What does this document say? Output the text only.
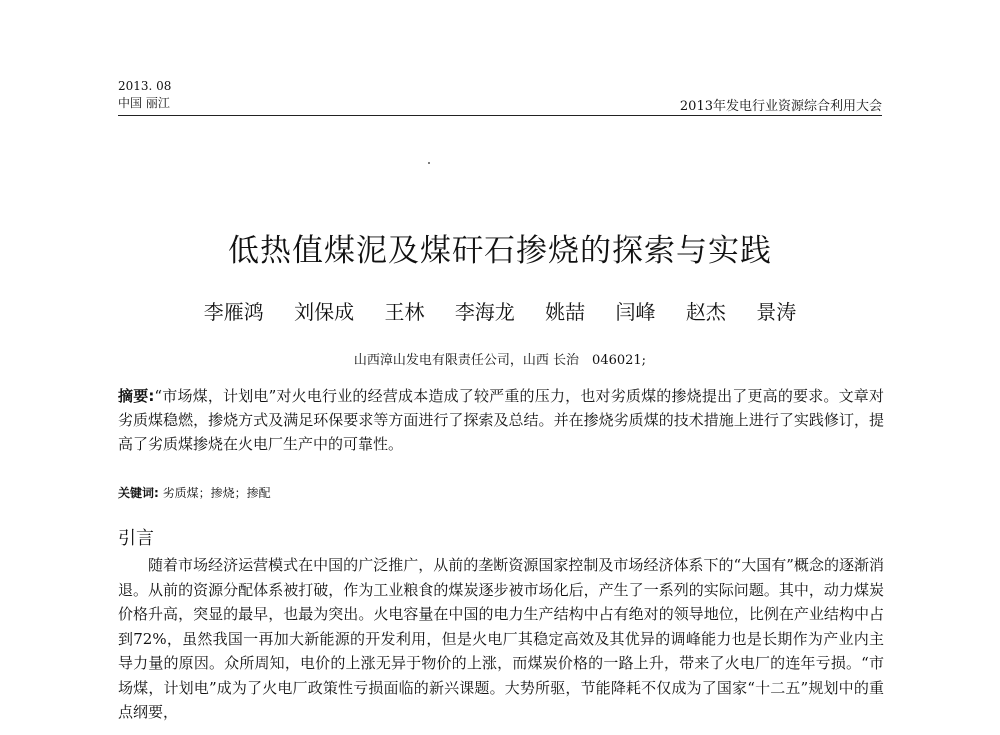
2013. 08
中国 丽江	2013年发电行业资源综合利用大会
低热值煤泥及煤矸石掺烧的探索与实践
李雁鸿 刘保成 王林 李海龙 姚喆 闫峰 赵杰 景涛
山西漳山发电有限责任公司，山西 长治　046021;
摘要:“市场煤，计划电”对火电行业的经营成本造成了较严重的压力，也对劣质煤的掺烧提出了更高的要求。文章对劣质煤稳燃，掺烧方式及满足环保要求等方面进行了探索及总结。并在掺烧劣质煤的技术措施上进行了实践修订，提高了劣质煤掺烧在火电厂生产中的可靠性。
关键词: 劣质煤；掺烧；掺配
引言
随着市场经济运营模式在中国的广泛推广，从前的垄断资源国家控制及市场经济体系下的“大国有”概念的逐渐消退。从前的资源分配体系被打破，作为工业粮食的煤炭逐步被市场化后，产生了一系列的实际问题。其中，动力煤炭价格升高，突显的最早，也最为突出。火电容量在中国的电力生产结构中占有绝对的领导地位，比例在产业结构中占到72%，虽然我国一再加大新能源的开发利用，但是火电厂其稳定高效及其优异的调峰能力也是长期作为产业内主导力量的原因。众所周知，电价的上涨无异于物价的上涨，而煤炭价格的一路上升，带来了火电厂的连年亏损。“市场煤，计划电”成为了火电厂政策性亏损面临的新兴课题。大势所驱，节能降耗不仅成为了国家“十二五”规划中的重点纲要，
